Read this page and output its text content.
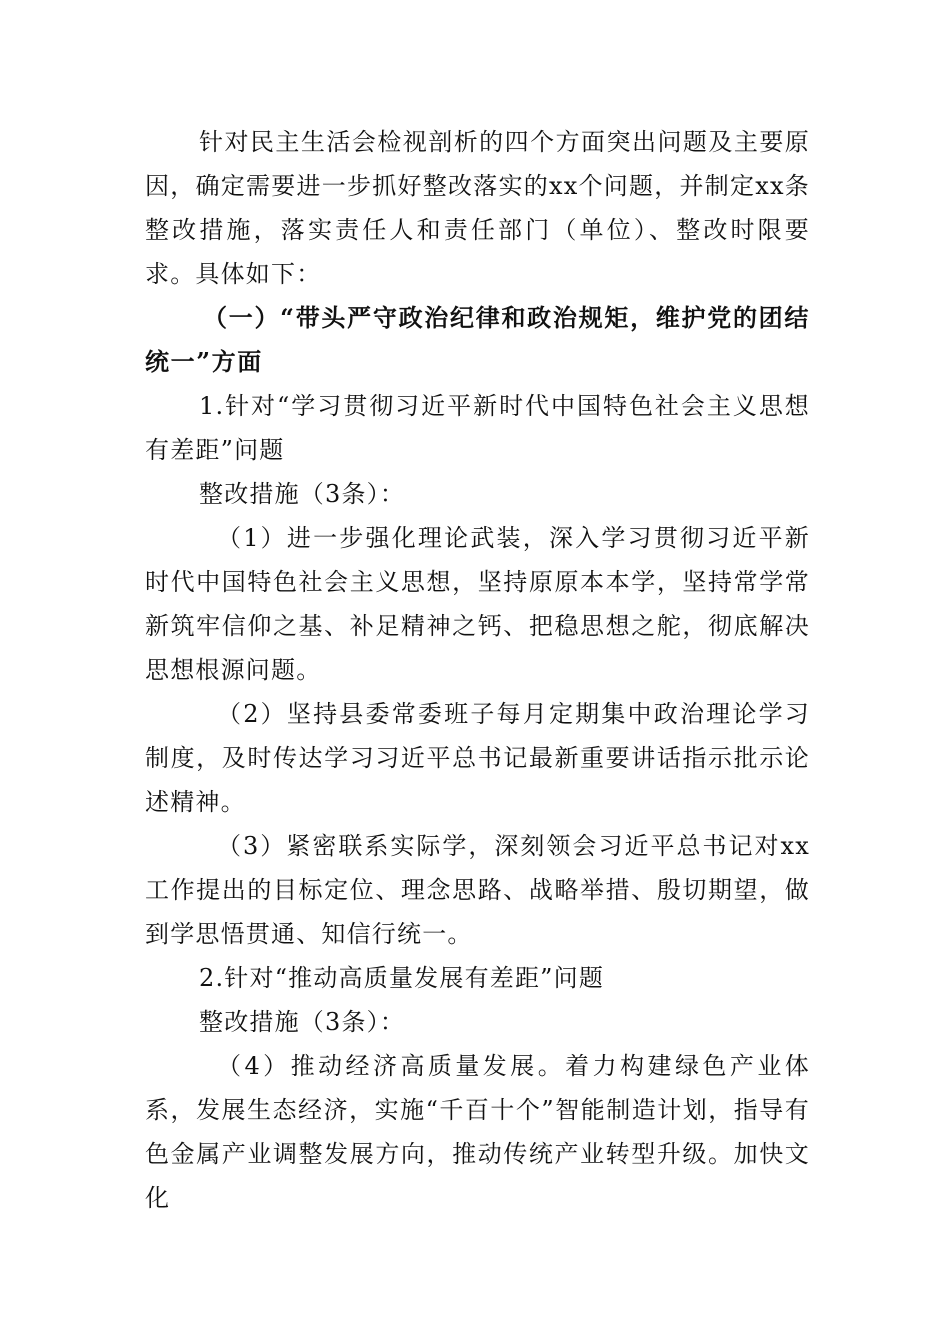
针对民主生活会检视剖析的四个方面突出问题及主要原因，确定需要进一步抓好整改落实的xx个问题，并制定xx条整改措施，落实责任人和责任部门（单位）、整改时限要求。具体如下：

（一）“带头严守政治纪律和政治规矩，维护党的团结统一”方面

1.针对“学习贯彻习近平新时代中国特色社会主义思想有差距”问题

整改措施（3条）：

（1）进一步强化理论武装，深入学习贯彻习近平新时代中国特色社会主义思想，坚持原原本本学，坚持常学常新筑牢信仰之基、补足精神之钙、把稳思想之舵，彻底解决思想根源问题。

（2）坚持县委常委班子每月定期集中政治理论学习制度，及时传达学习习近平总书记最新重要讲话指示批示论述精神。

（3）紧密联系实际学，深刻领会习近平总书记对xx工作提出的目标定位、理念思路、战略举措、殷切期望，做到学思悟贯通、知信行统一。

2.针对“推动高质量发展有差距”问题

整改措施（3条）：

（4）推动经济高质量发展。着力构建绿色产业体系，发展生态经济，实施“千百十个”智能制造计划，指导有色金属产业调整发展方向，推动传统产业转型升级。加快文化
